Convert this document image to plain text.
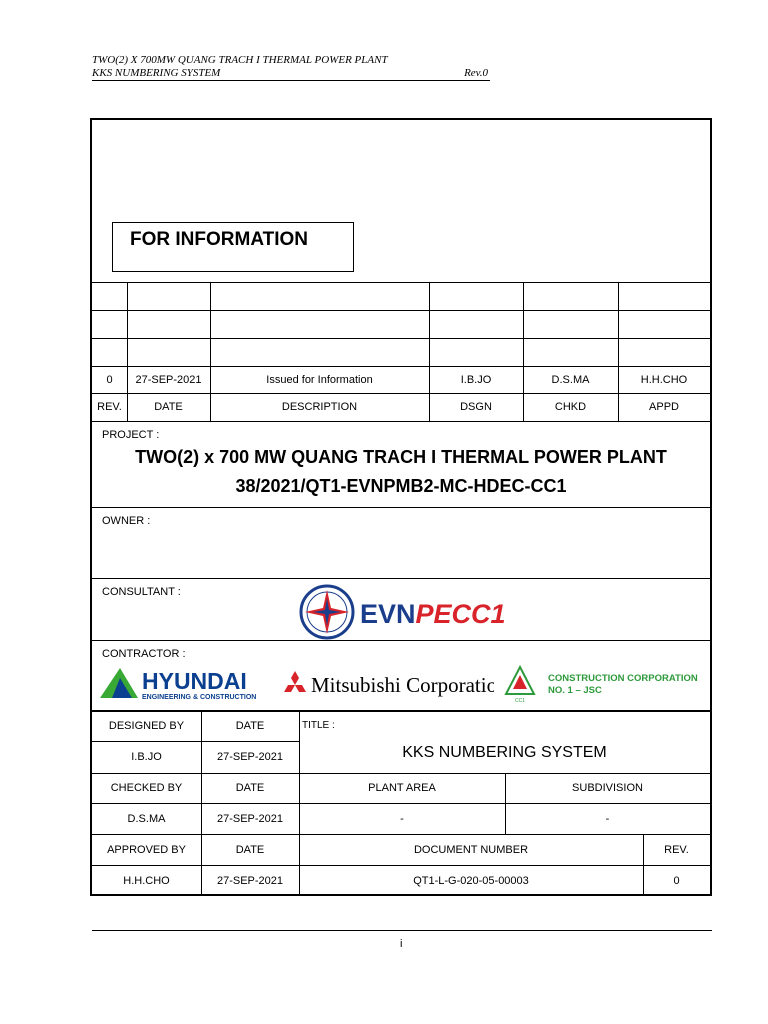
TWO(2) X 700MW QUANG TRACH I THERMAL POWER PLANT
KKS NUMBERING SYSTEM	Rev.0
FOR INFORMATION
0	27-SEP-2021	Issued for Information	I.B.JO	D.S.MA	H.H.CHO
REV.	DATE	DESCRIPTION	DSGN	CHKD	APPD
PROJECT :
TWO(2) x 700 MW QUANG TRACH I THERMAL POWER PLANT
38/2021/QT1-EVNPMB2-MC-HDEC-CC1
OWNER :
CONSULTANT :
EVNPECC1
CONTRACTOR :
HYUNDAI
ENGINEERING & CONSTRUCTION
Mitsubishi Corporation
CC1
CONSTRUCTION CORPORATION
NO. 1 – JSC
DESIGNED BY	DATE
I.B.JO	27-SEP-2021
TITLE :
KKS NUMBERING SYSTEM
CHECKED BY	DATE	PLANT AREA	SUBDIVISION
D.S.MA	27-SEP-2021	-	-
APPROVED BY	DATE	DOCUMENT NUMBER	REV.
H.H.CHO	27-SEP-2021	QT1-L-G-020-05-00003	0
i
